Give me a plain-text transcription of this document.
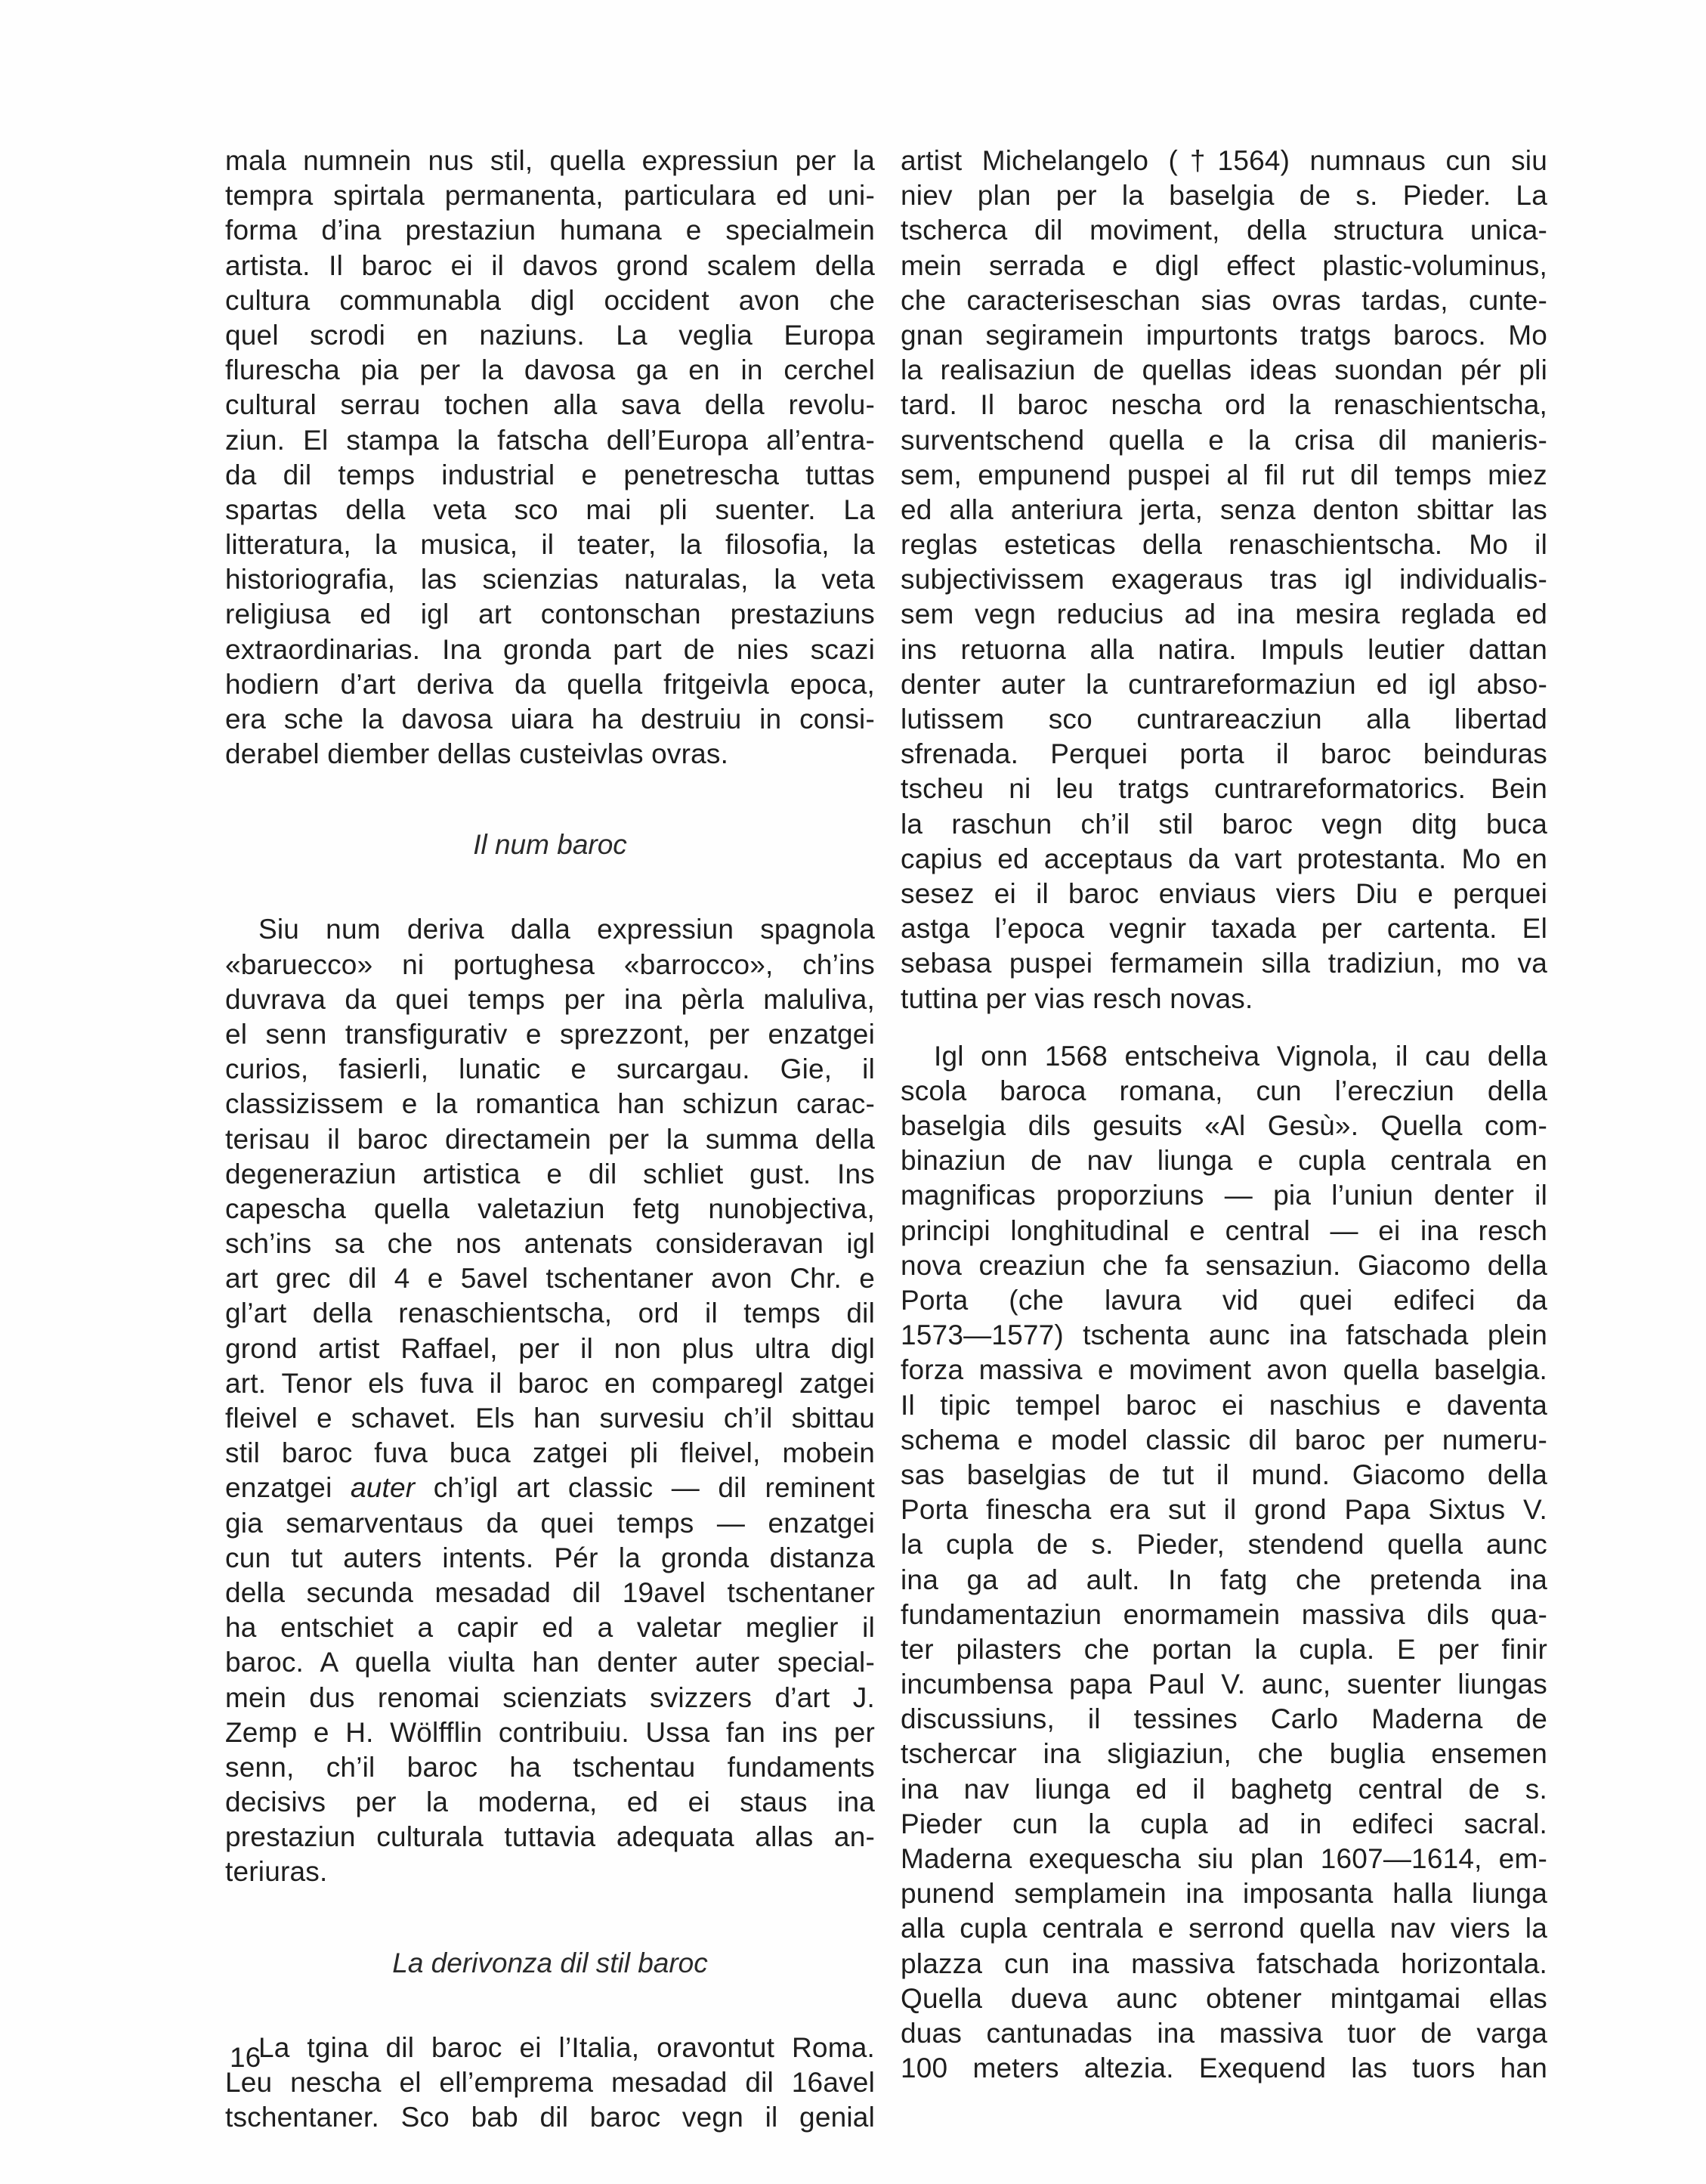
mala numnein nus stil, quella expressiun per la
tempra spirtala permanenta, particulara ed uni-
forma d’ina prestaziun humana e specialmein
artista. Il baroc ei il davos grond scalem della
cultura communabla digl occident avon che
quel scrodi en naziuns. La veglia Europa
flurescha pia per la davosa ga en in cerchel
cultural serrau tochen alla sava della revolu-
ziun. El stampa la fatscha dell’Europa all’entra-
da dil temps industrial e penetrescha tuttas
spartas della veta sco mai pli suenter. La
litteratura, la musica, il teater, la filosofia, la
historiografia, las scienzias naturalas, la veta
religiusa ed igl art contonschan prestaziuns
extraordinarias. Ina gronda part de nies scazi
hodiern d’art deriva da quella fritgeivla epoca,
era sche la davosa uiara ha destruiu in consi-
derabel diember dellas custeivlas ovras.
Il num baroc
Siu num deriva dalla expressiun spagnola
«baruecco» ni portughesa «barrocco», ch’ins
duvrava da quei temps per ina pèrla maluliva,
el senn transfigurativ e sprezzont, per enzatgei
curios, fasierli, lunatic e surcargau. Gie, il
classizissem e la romantica han schizun carac-
terisau il baroc directamein per la summa della
degeneraziun artistica e dil schliet gust. Ins
capescha quella valetaziun fetg nunobjectiva,
sch’ins sa che nos antenats consideravan igl
art grec dil 4 e 5avel tschentaner avon Chr. e
gl’art della renaschientscha, ord il temps dil
grond artist Raffael, per il non plus ultra digl
art. Tenor els fuva il baroc en comparegl zatgei
fleivel e schavet. Els han survesiu ch’il sbittau
stil baroc fuva buca zatgei pli fleivel, mobein
enzatgei auter ch’igl art classic — dil reminent
gia semarventaus da quei temps — enzatgei
cun tut auters intents. Pér la gronda distanza
della secunda mesadad dil 19avel tschentaner
ha entschiet a capir ed a valetar meglier il
baroc. A quella viulta han denter auter special-
mein dus renomai scienziats svizzers d’art J.
Zemp e H. Wölfflin contribuiu. Ussa fan ins per
senn, ch’il baroc ha tschentau fundaments
decisivs per la moderna, ed ei staus ina
prestaziun culturala tuttavia adequata allas an-
teriuras.
La derivonza dil stil baroc
La tgina dil baroc ei l’Italia, oravontut Roma.
Leu nescha el ell’emprema mesadad dil 16avel
tschentaner. Sco bab dil baroc vegn il genial
artist Michelangelo (†1564) numnaus cun siu
niev plan per la baselgia de s. Pieder. La
tscherca dil moviment, della structura unica-
mein serrada e digl effect plastic-voluminus,
che caracteriseschan sias ovras tardas, cunte-
gnan segiramein impurtonts tratgs barocs. Mo
la realisaziun de quellas ideas suondan pér pli
tard. Il baroc nescha ord la renaschientscha,
surventschend quella e la crisa dil manieris-
sem, empunend puspei al fil rut dil temps miez
ed alla anteriura jerta, senza denton sbittar las
reglas esteticas della renaschientscha. Mo il
subjectivissem exageraus tras igl individualis-
sem vegn reducius ad ina mesira reglada ed
ins retuorna alla natira. Impuls leutier dattan
denter auter la cuntrareformaziun ed igl abso-
lutissem sco cuntrareacziun alla libertad
sfrenada. Perquei porta il baroc beinduras
tscheu ni leu tratgs cuntrareformatorics. Bein
la raschun ch’il stil baroc vegn ditg buca
capius ed acceptaus da vart protestanta. Mo en
sesez ei il baroc enviaus viers Diu e perquei
astga l’epoca vegnir taxada per cartenta. El
sebasa puspei fermamein silla tradiziun, mo va
tuttina per vias resch novas.
Igl onn 1568 entscheiva Vignola, il cau della
scola baroca romana, cun l’erecziun della
baselgia dils gesuits «Al Gesù». Quella com-
binaziun de nav liunga e cupla centrala en
magnificas proporziuns — pia l’uniun denter il
principi longhitudinal e central — ei ina resch
nova creaziun che fa sensaziun. Giacomo della
Porta (che lavura vid quei edifeci da
1573—1577) tschenta aunc ina fatschada plein
forza massiva e moviment avon quella baselgia.
Il tipic tempel baroc ei naschius e daventa
schema e model classic dil baroc per numeru-
sas baselgias de tut il mund. Giacomo della
Porta finescha era sut il grond Papa Sixtus V.
la cupla de s. Pieder, stendend quella aunc
ina ga ad ault. In fatg che pretenda ina
fundamentaziun enormamein massiva dils qua-
ter pilasters che portan la cupla. E per finir
incumbensa papa Paul V. aunc, suenter liungas
discussiuns, il tessines Carlo Maderna de
tschercar ina sligiaziun, che buglia ensemen
ina nav liunga ed il baghetg central de s.
Pieder cun la cupla ad in edifeci sacral.
Maderna exequescha siu plan 1607—1614, em-
punend semplamein ina imposanta halla liunga
alla cupla centrala e serrond quella nav viers la
plazza cun ina massiva fatschada horizontala.
Quella dueva aunc obtener mintgamai ellas
duas cantunadas ina massiva tuor de varga
100 meters altezia. Exequend las tuors han
16
